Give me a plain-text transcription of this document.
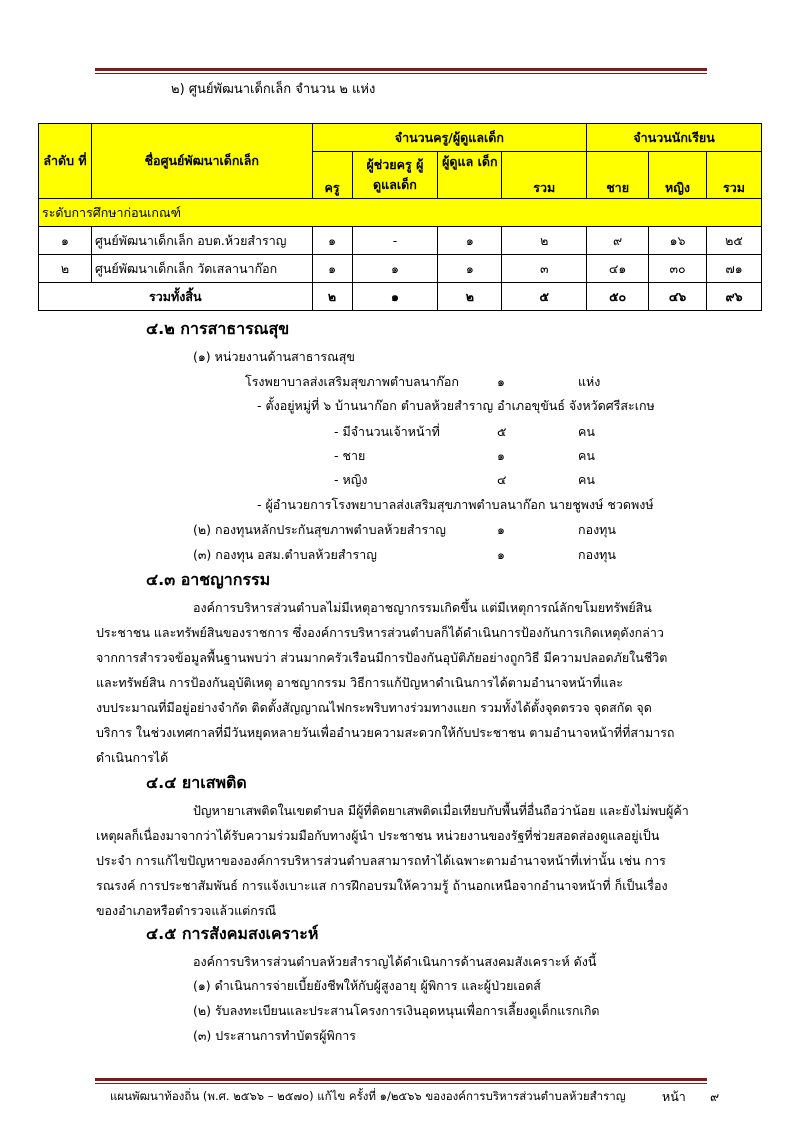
๒) ศูนย์พัฒนาเด็กเล็ก จำนวน ๒ แห่ง
ลำดับ ที่	ชื่อศูนย์พัฒนาเด็กเล็ก	จำนวนครู/ผู้ดูแลเด็ก				จำนวนนักเรียน		
		ครู	ผู้ช่วยครู ผู้ดูแลเด็ก	ผู้ดูแล เด็ก	รวม	ชาย	หญิง	รวม
ระดับการศึกษาก่อนเกณฑ์								
๑	ศูนย์พัฒนาเด็กเล็ก อบต.ห้วยสำราญ	๑	-	๑	๒	๙	๑๖	๒๕
๒	ศูนย์พัฒนาเด็กเล็ก วัดเสลานาก๊อก	๑	๑	๑	๓	๔๑	๓๐	๗๑
รวมทั้งสิ้น		๒	๑	๒	๕	๕๐	๔๖	๙๖
๔.๒ การสาธารณสุข
(๑) หน่วยงานด้านสาธารณสุข
โรงพยาบาลส่งเสริมสุขภาพตำบลนาก๊อก	๑	แห่ง
- ตั้งอยู่หมู่ที่ ๖ บ้านนาก๊อก ตำบลห้วยสำราญ อำเภอขุขันธ์ จังหวัดศรีสะเกษ
- มีจำนวนเจ้าหน้าที่	๕	คน
- ชาย	๑	คน
- หญิง	๔	คน
- ผู้อำนวยการโรงพยาบาลส่งเสริมสุขภาพตำบลนาก๊อก นายชูพงษ์ ชวดพงษ์
(๒) กองทุนหลักประกันสุขภาพตำบลห้วยสำราญ	๑	กองทุน
(๓) กองทุน อสม.ตำบลห้วยสำราญ	๑	กองทุน
๔.๓ อาชญากรรม
องค์การบริหารส่วนตำบลไม่มีเหตุอาชญากรรมเกิดขึ้น แต่มีเหตุการณ์ลักขโมยทรัพย์สิน
ประชาชน และทรัพย์สินของราชการ ซึ่งองค์การบริหารส่วนตำบลก็ได้ดำเนินการป้องกันการเกิดเหตุดังกล่าว
จากการสำรวจข้อมูลพื้นฐานพบว่า ส่วนมากครัวเรือนมีการป้องกันอุบัติภัยอย่างถูกวิธี มีความปลอดภัยในชีวิต
และทรัพย์สิน การป้องกันอุบัติเหตุ อาชญากรรม วิธีการแก้ปัญหาดำเนินการได้ตามอำนาจหน้าที่และ
งบประมาณที่มีอยู่อย่างจำกัด ติดตั้งสัญญาณไฟกระพริบทางร่วมทางแยก รวมทั้งได้ตั้งจุดตรวจ จุดสกัด จุด
บริการ ในช่วงเทศกาลที่มีวันหยุดหลายวันเพื่ออำนวยความสะดวกให้กับประชาชน ตามอำนาจหน้าที่ที่สามารถ
ดำเนินการได้
๔.๔ ยาเสพติด
ปัญหายาเสพติดในเขตตำบล มีผู้ที่ติดยาเสพติดเมื่อเทียบกับพื้นที่อื่นถือว่าน้อย และยังไม่พบผู้ค้า
เหตุผลก็เนื่องมาจากว่าได้รับความร่วมมือกับทางผู้นำ ประชาชน หน่วยงานของรัฐที่ช่วยสอดส่องดูแลอยู่เป็น
ประจำ การแก้ไขปัญหาขององค์การบริหารส่วนตำบลสามารถทำได้เฉพาะตามอำนาจหน้าที่เท่านั้น เช่น การ
รณรงค์ การประชาสัมพันธ์ การแจ้งเบาะแส การฝึกอบรมให้ความรู้ ถ้านอกเหนือจากอำนาจหน้าที่ ก็เป็นเรื่อง
ของอำเภอหรือตำรวจแล้วแต่กรณี
๔.๕ การสังคมสงเคราะห์
องค์การบริหารส่วนตำบลห้วยสำราญได้ดำเนินการด้านสงคมสังเคราะห์ ดังนี้
(๑) ดำเนินการจ่ายเบี้ยยังชีพให้กับผู้สูงอายุ ผู้พิการ และผู้ป่วยเอดส์
(๒) รับลงทะเบียนและประสานโครงการเงินอุดหนุนเพื่อการเลี้ยงดูเด็กแรกเกิด
(๓) ประสานการทำบัตรผู้พิการ
แผนพัฒนาท้องถิ่น (พ.ศ. ๒๕๖๖ – ๒๕๗๐) แก้ไข ครั้งที่ ๑/๒๕๖๖ ขององค์การบริหารส่วนตำบลห้วยสำราญ	หน้า ๙
